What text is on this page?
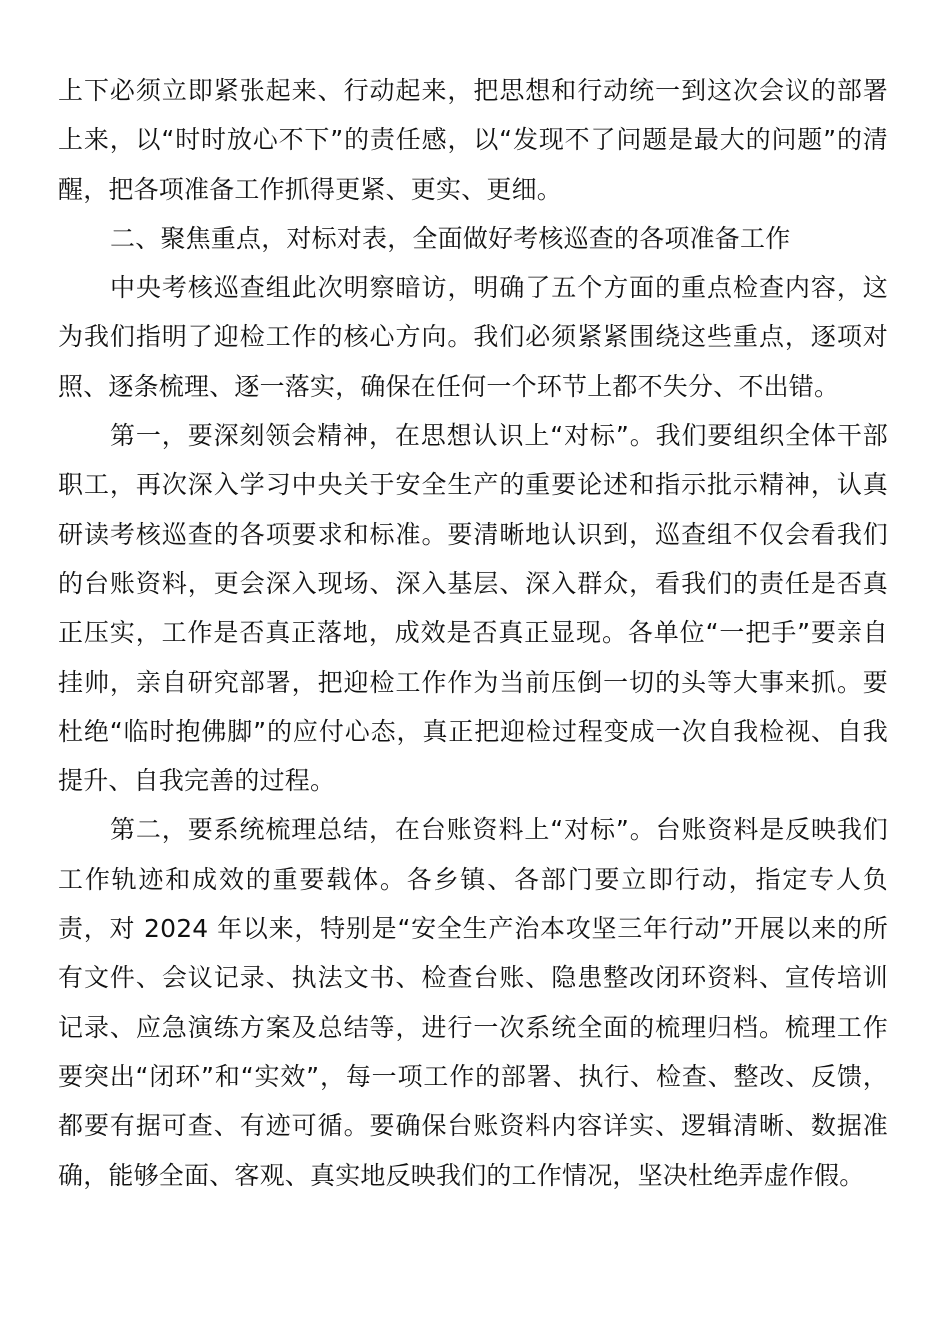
上下必须立即紧张起来、行动起来，把思想和行动统一到这次会议的部署上来，以“时时放心不下”的责任感，以“发现不了问题是最大的问题”的清醒，把各项准备工作抓得更紧、更实、更细。

二、聚焦重点，对标对表，全面做好考核巡查的各项准备工作

中央考核巡查组此次明察暗访，明确了五个方面的重点检查内容，这为我们指明了迎检工作的核心方向。我们必须紧紧围绕这些重点，逐项对照、逐条梳理、逐一落实，确保在任何一个环节上都不失分、不出错。

第一，要深刻领会精神，在思想认识上“对标”。我们要组织全体干部职工，再次深入学习中央关于安全生产的重要论述和指示批示精神，认真研读考核巡查的各项要求和标准。要清晰地认识到，巡查组不仅会看我们的台账资料，更会深入现场、深入基层、深入群众，看我们的责任是否真正压实，工作是否真正落地，成效是否真正显现。各单位“一把手”要亲自挂帅，亲自研究部署，把迎检工作作为当前压倒一切的头等大事来抓。要杜绝“临时抱佛脚”的应付心态，真正把迎检过程变成一次自我检视、自我提升、自我完善的过程。

第二，要系统梳理总结，在台账资料上“对标”。台账资料是反映我们工作轨迹和成效的重要载体。各乡镇、各部门要立即行动，指定专人负责，对 2024 年以来，特别是“安全生产治本攻坚三年行动”开展以来的所有文件、会议记录、执法文书、检查台账、隐患整改闭环资料、宣传培训记录、应急演练方案及总结等，进行一次系统全面的梳理归档。梳理工作要突出“闭环”和“实效”，每一项工作的部署、执行、检查、整改、反馈，都要有据可查、有迹可循。要确保台账资料内容详实、逻辑清晰、数据准确，能够全面、客观、真实地反映我们的工作情况，坚决杜绝弄虚作假。
